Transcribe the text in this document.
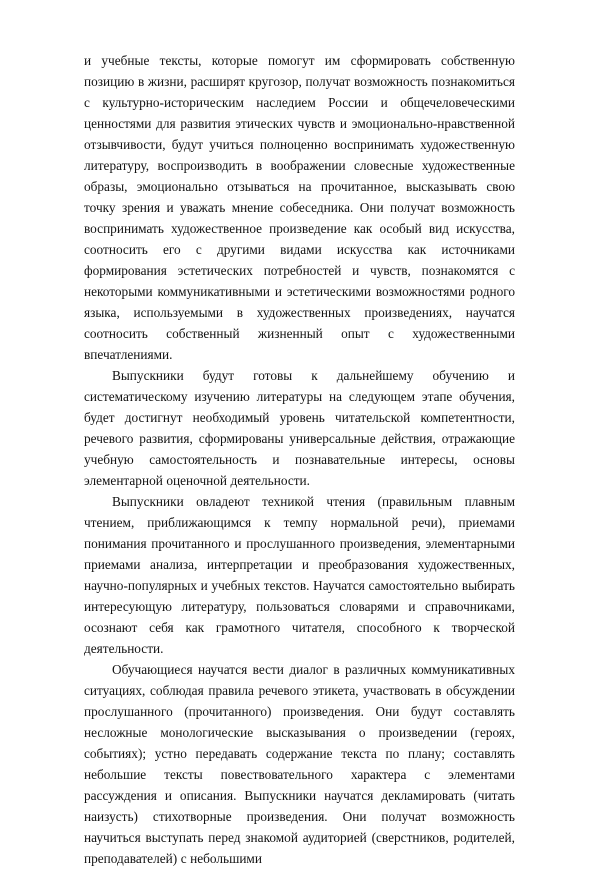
и учебные тексты, которые помогут им сформировать собственную позицию в жизни, расширят кругозор, получат возможность познакомиться с культурно-историческим наследием России и общечеловеческими ценностями для развития этических чувств и эмоционально-нравственной отзывчивости, будут учиться полноценно воспринимать художественную литературу, воспроизводить в воображении словесные художественные образы, эмоционально отзываться на прочитанное, высказывать свою точку зрения и уважать мнение собеседника. Они получат возможность воспринимать художественное произведение как особый вид искусства, соотносить его с другими видами искусства как источниками формирования эстетических потребностей и чувств, познакомятся с некоторыми коммуникативными и эстетическими возможностями родного языка, используемыми в художественных произведениях, научатся соотносить собственный жизненный опыт с художественными впечатлениями.

Выпускники будут готовы к дальнейшему обучению и систематическому изучению литературы на следующем этапе обучения, будет достигнут необходимый уровень читательской компетентности, речевого развития, сформированы универсальные действия, отражающие учебную самостоятельность и познавательные интересы, основы элементарной оценочной деятельности.

Выпускники овладеют техникой чтения (правильным плавным чтением, приближающимся к темпу нормальной речи), приемами понимания прочитанного и прослушанного произведения, элементарными приемами анализа, интерпретации и преобразования художественных, научно-популярных и учебных текстов. Научатся самостоятельно выбирать интересующую литературу, пользоваться словарями и справочниками, осознают себя как грамотного читателя, способного к творческой деятельности.

Обучающиеся научатся вести диалог в различных коммуникативных ситуациях, соблюдая правила речевого этикета, участвовать в обсуждении прослушанного (прочитанного) произведения. Они будут составлять несложные монологические высказывания о произведении (героях, событиях); устно передавать содержание текста по плану; составлять небольшие тексты повествовательного характера с элементами рассуждения и описания. Выпускники научатся декламировать (читать наизусть) стихотворные произведения. Они получат возможность научиться выступать перед знакомой аудиторией (сверстников, родителей, преподавателей) с небольшими
